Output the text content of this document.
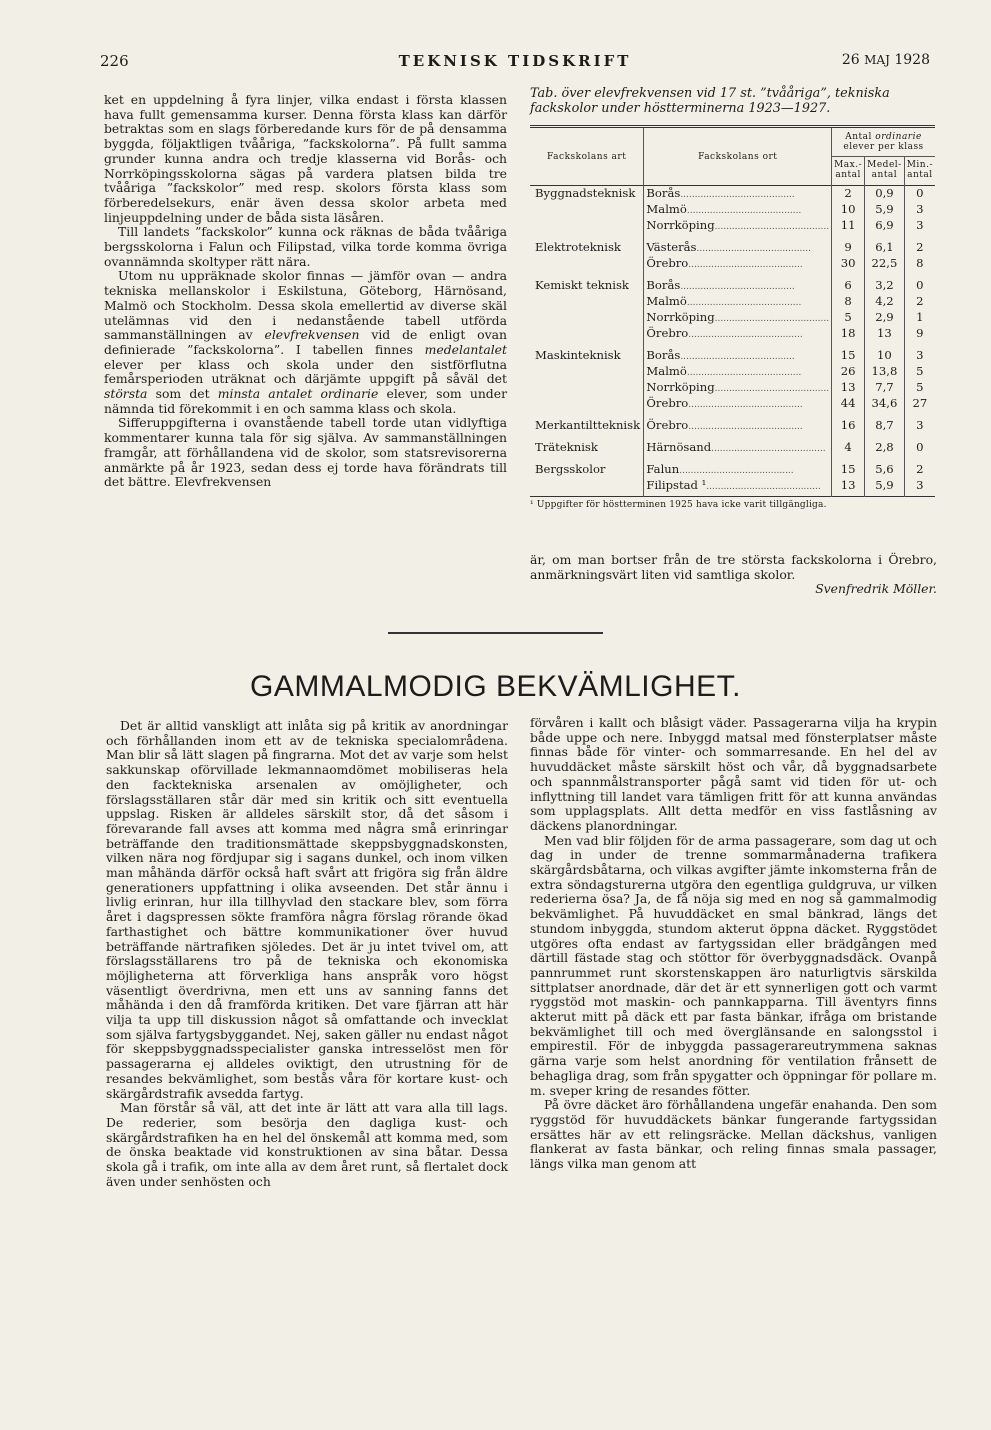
226	TEKNISK TIDSKRIFT	26 MAJ 1928

ket en uppdelning å fyra linjer, vilka endast i första klassen hava fullt gemensamma kurser. Denna första klass kan därför betraktas som en slags förberedande kurs för de på densamma byggda, följaktligen tvååriga, ”fackskolorna”. På fullt samma grunder kunna andra och tredje klasserna vid Borås- och Norrköpingsskolorna sägas på vardera platsen bilda tre tvååriga ”fackskolor” med resp. skolors första klass som förberedelsekurs, enär även dessa skolor arbeta med linjeuppdelning under de båda sista läsåren.

Till landets ”fackskolor” kunna ock räknas de båda tvååriga bergsskolorna i Falun och Filipstad, vilka torde komma övriga ovannämnda skoltyper rätt nära.

Utom nu uppräknade skolor finnas — jämför ovan — andra tekniska mellanskolor i Eskilstuna, Göteborg, Härnösand, Malmö och Stockholm. Dessa skola emellertid av diverse skäl utelämnas vid den i nedanstående tabell utförda sammanställningen av elevfrekvensen vid de enligt ovan definierade ”fackskolorna”. I tabellen finnes medelantalet elever per klass och skola under den sistförflutna femårsperioden uträknat och därjämte uppgift på såväl det största som det minsta antalet ordinarie elever, som under nämnda tid förekommit i en och samma klass och skola.

Sifferuppgifterna i ovanstående tabell torde utan vidlyftiga kommentarer kunna tala för sig själva. Av sammanställningen framgår, att förhållandena vid de skolor, som statsrevisorerna anmärkte på år 1923, sedan dess ej torde hava förändrats till det bättre. Elevfrekvensen

Tab. över elevfrekvensen vid 17 st. ”tvååriga”, tekniska fackskolor under höstterminerna 1923—1927.
Fackskolans art	Fackskolans ort	Antal ordinarie elever per klass		
		Max.-antal	Medel-antal	Min.-antal
Byggnadsteknisk	Borås........................................	2	0,9	0
	Malmö........................................	10	5,9	3
	Norrköping........................................	11	6,9	3
Elektroteknisk	Västerås........................................	9	6,1	2
	Örebro........................................	30	22,5	8
Kemiskt teknisk	Borås........................................	6	3,2	0
	Malmö........................................	8	4,2	2
	Norrköping........................................	5	2,9	1
	Örebro........................................	18	13	9
Maskinteknisk	Borås........................................	15	10	3
	Malmö........................................	26	13,8	5
	Norrköping........................................	13	7,7	5
	Örebro........................................	44	34,6	27
Merkantiltteknisk	Örebro........................................	16	8,7	3
Träteknisk	Härnösand........................................	4	2,8	0
Bergsskolor	Falun........................................	15	5,6	2
	Filipstad ¹........................................	13	5,9	3
¹ Uppgifter för höstterminen 1925 hava icke varit tillgängliga.

är, om man bortser från de tre största fackskolorna i Örebro, anmärkningsvärt liten vid samtliga skolor.

Svenfredrik Möller.
GAMMALMODIG BEKVÄMLIGHET.

Det är alltid vanskligt att inlåta sig på kritik av anordningar och förhållanden inom ett av de tekniska specialområdena. Man blir så lätt slagen på fingrarna. Mot det av varje som helst sakkunskap oförvillade lekmannaomdömet mobiliseras hela den facktekniska arsenalen av omöjligheter, och förslagsställaren står där med sin kritik och sitt eventuella uppslag. Risken är alldeles särskilt stor, då det såsom i förevarande fall avses att komma med några små erinringar beträffande den traditionsmättade skeppsbyggnadskonsten, vilken nära nog fördjupar sig i sagans dunkel, och inom vilken man måhända därför också haft svårt att frigöra sig från äldre generationers uppfattning i olika avseenden. Det står ännu i livlig erinran, hur illa tillhyvlad den stackare blev, som förra året i dagspressen sökte framföra några förslag rörande ökad farthastighet och bättre kommunikationer över huvud beträffande närtrafiken sjöledes. Det är ju intet tvivel om, att förslagsställarens tro på de tekniska och ekonomiska möjligheterna att förverkliga hans anspråk voro högst väsentligt överdrivna, men ett uns av sanning fanns det måhända i den då framförda kritiken. Det vare fjärran att här vilja ta upp till diskussion något så omfattande och invecklat som själva fartygsbyggandet. Nej, saken gäller nu endast något för skeppsbyggnadsspecialister ganska intresselöst men för passagerarna ej alldeles oviktigt, den utrustning för de resandes bekvämlighet, som bestås våra för kortare kust- och skärgårdstrafik avsedda fartyg.

Man förstår så väl, att det inte är lätt att vara alla till lags. De rederier, som besörja den dagliga kust- och skärgårdstrafiken ha en hel del önskemål att komma med, som de önska beaktade vid konstruktionen av sina båtar. Dessa skola gå i trafik, om inte alla av dem året runt, så flertalet dock även under senhösten och

förvåren i kallt och blåsigt väder. Passagerarna vilja ha krypin både uppe och nere. Inbyggd matsal med fönsterplatser måste finnas både för vinter- och sommarresande. En hel del av huvuddäcket måste särskilt höst och vår, då byggnadsarbete och spannmålstransporter pågå samt vid tiden för ut- och inflyttning till landet vara tämligen fritt för att kunna användas som upplagsplats. Allt detta medför en viss fastlåsning av däckens planordningar.

Men vad blir följden för de arma passagerare, som dag ut och dag in under de trenne sommarmånaderna trafikera skärgårdsbåtarna, och vilkas avgifter jämte inkomsterna från de extra söndagsturerna utgöra den egentliga guldgruva, ur vilken rederierna ösa? Ja, de få nöja sig med en nog så gammalmodig bekvämlighet. På huvuddäcket en smal bänkrad, längs det stundom inbyggda, stundom akterut öppna däcket. Ryggstödet utgöres ofta endast av fartygssidan eller brädgången med därtill fästade stag och stöttor för överbyggnadsdäck. Ovanpå pannrummet runt skorstenskappen äro naturligtvis särskilda sittplatser anordnade, där det är ett synnerligen gott och varmt ryggstöd mot maskin- och pannkapparna. Till äventyrs finns akterut mitt på däck ett par fasta bänkar, ifråga om bristande bekvämlighet till och med överglänsande en salongsstol i empirestil. För de inbyggda passagerareutrymmena saknas gärna varje som helst anordning för ventilation frånsett de behagliga drag, som från spygatter och öppningar för pollare m. m. sveper kring de resandes fötter.

På övre däcket äro förhållandena ungefär enahanda. Den som ryggstöd för huvuddäckets bänkar fungerande fartygssidan ersättes här av ett relingsräcke. Mellan däckshus, vanligen flankerat av fasta bänkar, och reling finnas smala passager, längs vilka man genom att
